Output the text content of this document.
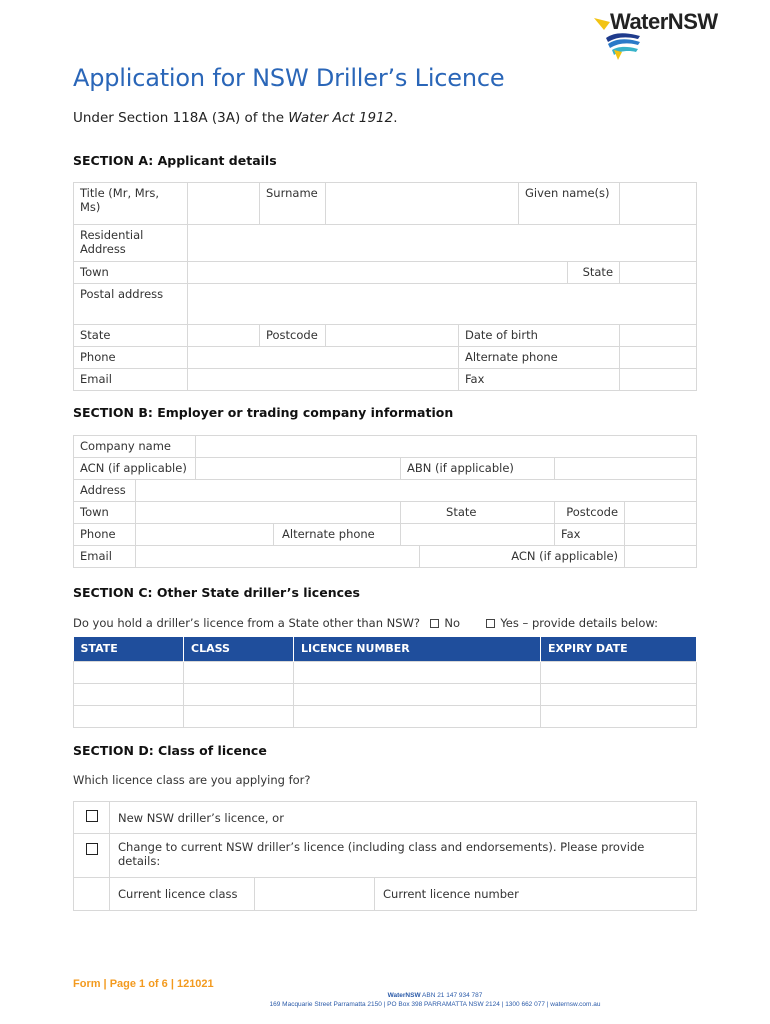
WaterNSW
Application for NSW Driller’s Licence

Under Section 118A (3A) of the Water Act 1912.

SECTION A: Applicant details
Title (Mr, Mrs, Ms)		Surname			Given name(s)		
Residential Address							
Town						State	
Postal address							
State		Postcode		Date of birth			
Phone				Alternate phone			
Email				Fax			
SECTION B: Employer or trading company information
Company name							
ACN (if applicable)				ABN (if applicable)			
Address							
Town				State		Postcode	
Phone			Alternate phone			Fax	
Email					ACN (if applicable)		
SECTION C: Other State driller’s licences
Do you hold a driller’s licence from a State other than NSW? No	Yes – provide details below:
STATE	CLASS	LICENCE NUMBER	EXPIRY DATE

SECTION D: Class of licence
Which licence class are you applying for?
	New NSW driller’s licence, or		
	Change to current NSW driller’s licence (including class and endorsements). Please provide details:		
	Current licence class		Current licence number
Form | Page 1 of 6 | 121021
WaterNSW ABN 21 147 934 787
169 Macquarie Street Parramatta 2150 | PO Box 398 PARRAMATTA NSW 2124 | 1300 662 077 | waternsw.com.au
